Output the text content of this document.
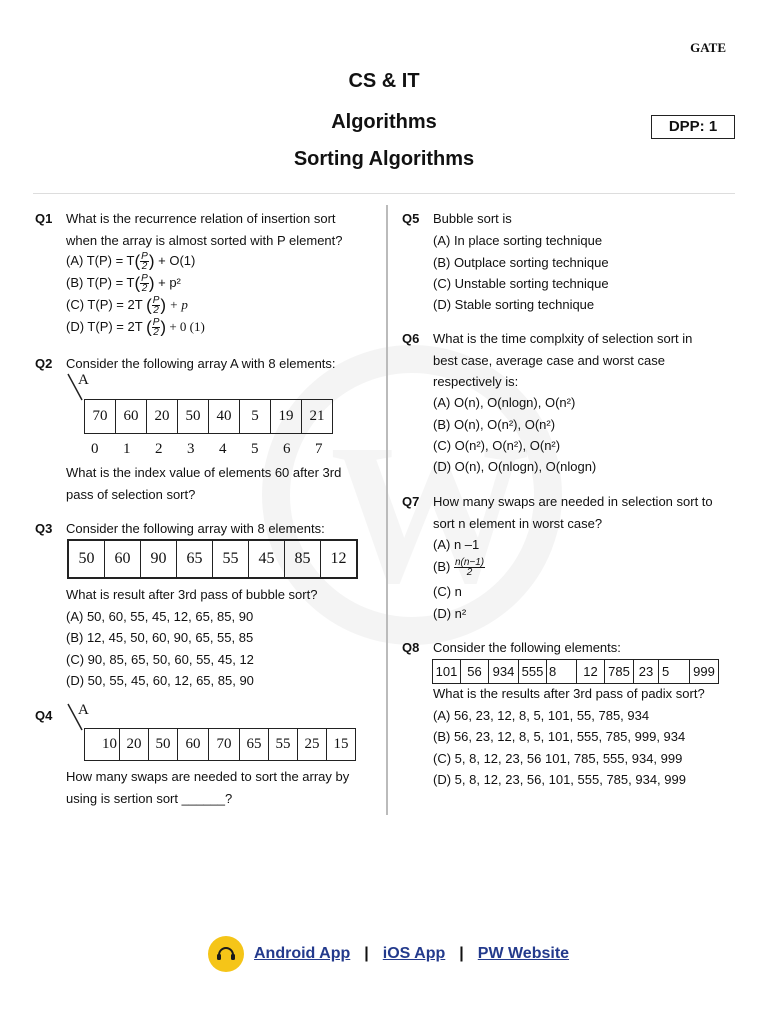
GATE
CS & IT
Algorithms
Sorting Algorithms
DPP: 1
Q1 What is the recurrence relation of insertion sort
when the array is almost sorted with P element?
(A) $T(P) = T( \frac{P}{2}$ ) + O(1)
(B) $T(P) = T( \frac{P}{2}$ ) + p²
(C) T(P) = 2T ( $\frac{P}{2}$ ) + p
(D) T(P) = 2T ( $\frac{P}{2}$ ) + 0 (1)
Q2 Consider the following array A with 8 elements:
A
70	60	20	50	40	5	19	21
0 1 2 3 4 5 6 7
What is the index value of elements 60 after 3rd
pass of selection sort?
Q3 Consider the following array with 8 elements:
50	60	90	65	55	45	85	12
What is result after 3rd pass of bubble sort?
(A) 50, 60, 55, 45, 12, 65, 85, 90
(B) 12, 45, 50, 60, 90, 65, 55, 85
(C) 90, 85, 65, 50, 60, 55, 45, 12
(D) 50, 55, 45, 60, 12, 65, 85, 90
Q4 A
10 20 50	60	70	65 55 25 15
How many swaps are needed to sort the array by
using is sertion sort ______?
Q5 Bubble sort is
(A) In place sorting technique
(B) Outplace sorting technique
(C) Unstable sorting technique
(D) Stable sorting technique
Q6 What is the time complxity of selection sort in
best case, average case and worst case
respectively is:
(A) O(n), O(nlogn), O(n²)
(B) O(n), O(n²), O(n²)
(C) O(n²), O(n²), O(n²)
(D) O(n), O(nlogn), O(nlogn)
Q7 How many swaps are needed in selection sort to
sort n element in worst case?
(A) n –1
$(B) \frac{n(n-1)}{2}$
(C) n
(D) n²
Q8 Consider the following elements:
101 56 934 555 8	12 785 23 5	999
What is the results after 3rd pass of padix sort?
(A) 56, 23, 12, 8, 5, 101, 55, 785, 934
(B) 56, 23, 12, 8, 5, 101, 555, 785, 999, 934
(C) 5, 8, 12, 23, 56 101, 785, 555, 934, 999
(D) 5, 8, 12, 23, 56, 101, 555, 785, 934, 999
Android App | iOS App | PW Website
